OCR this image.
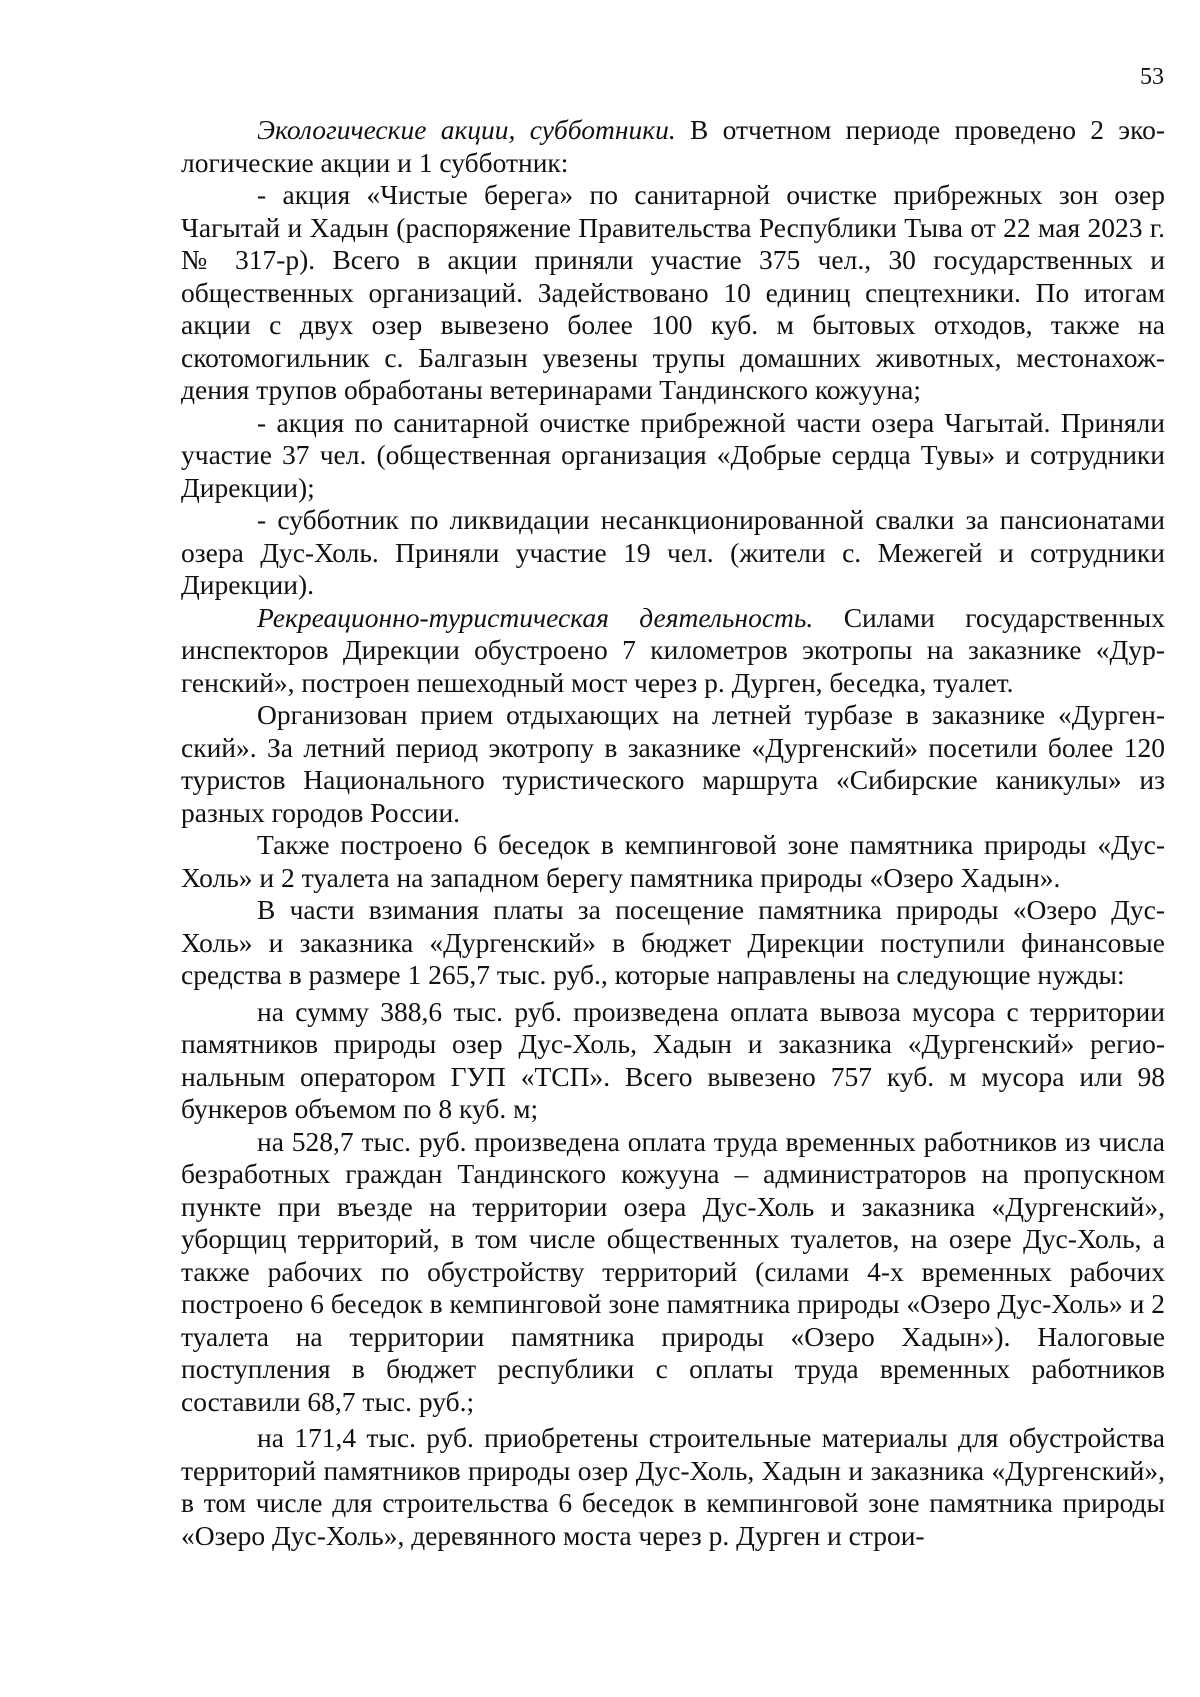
53

Экологические акции, субботники. В отчетном периоде проведено 2 экологические акции и 1 субботник:

- акция «Чистые берега» по санитарной очистке прибрежных зон озер Чагытай и Хадын (распоряжение Правительства Республики Тыва от 22 мая 2023 г. № 317-р). Всего в акции приняли участие 375 чел., 30 государственных и общественных организаций. Задействовано 10 единиц спецтехники. По итогам акции с двух озер вывезено более 100 куб. м бытовых отходов, также на скотомогильник с. Балгазын увезены трупы домашних животных, местонахождения трупов обработаны ветеринарами Тандинского кожууна;

- акция по санитарной очистке прибрежной части озера Чагытай. Приняли участие 37 чел. (общественная организация «Добрые сердца Тувы» и сотрудники Дирекции);

- субботник по ликвидации несанкционированной свалки за пансионатами озера Дус-Холь. Приняли участие 19 чел. (жители с. Межегей и сотрудники Дирекции).

Рекреационно-туристическая деятельность. Силами государственных инспекторов Дирекции обустроено 7 километров экотропы на заказнике «Дургенский», построен пешеходный мост через р. Дурген, беседка, туалет.

Организован прием отдыхающих на летней турбазе в заказнике «Дургенский». За летний период экотропу в заказнике «Дургенский» посетили более 120 туристов Национального туристического маршрута «Сибирские каникулы» из разных городов России.

Также построено 6 беседок в кемпинговой зоне памятника природы «Дус-Холь» и 2 туалета на западном берегу памятника природы «Озеро Хадын».

В части взимания платы за посещение памятника природы «Озеро Дус-Холь» и заказника «Дургенский» в бюджет Дирекции поступили финансовые средства в размере 1 265,7 тыс. руб., которые направлены на следующие нужды:

на сумму 388,6 тыс. руб. произведена оплата вывоза мусора с территории памятников природы озер Дус-Холь, Хадын и заказника «Дургенский» региональным оператором ГУП «ТСП». Всего вывезено 757 куб. м мусора или 98 бункеров объемом по 8 куб. м;

на 528,7 тыс. руб. произведена оплата труда временных работников из числа безработных граждан Тандинского кожууна – администраторов на пропускном пункте при въезде на территории озера Дус-Холь и заказника «Дургенский», уборщиц территорий, в том числе общественных туалетов, на озере Дус-Холь, а также рабочих по обустройству территорий (силами 4-х временных рабочих построено 6 беседок в кемпинговой зоне памятника природы «Озеро Дус-Холь» и 2 туалета на территории памятника природы «Озеро Хадын»). Налоговые поступления в бюджет республики с оплаты труда временных работников составили 68,7 тыс. руб.;

на 171,4 тыс. руб. приобретены строительные материалы для обустройства территорий памятников природы озер Дус-Холь, Хадын и заказника «Дургенский», в том числе для строительства 6 беседок в кемпинговой зоне памятника природы «Озеро Дус-Холь», деревянного моста через р. Дурген и строи-
